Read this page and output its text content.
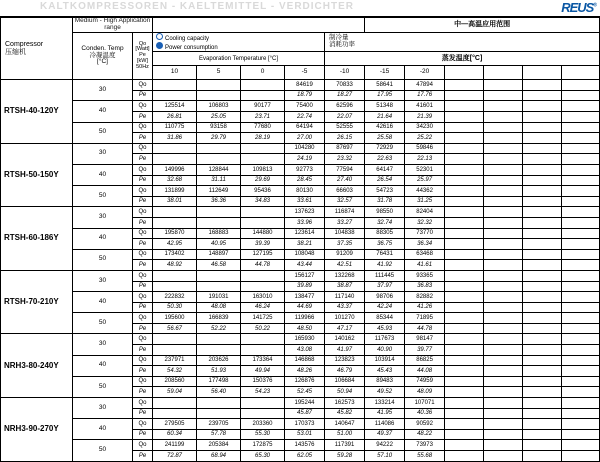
KALTKOMPRESSOREN - KAELTEMITTEL - VERDICHTER	REUS®
Compressor
压缩机	Medium - High Application range							中—高温应用范围					
Conden. Temp
冷凝温度
[°C]

Qo [Watt]
Pe [kW]
50Hz

Cooling capacity
Power consumption

制冷量
消耗功率

			Evaporation Temperature [°C]				蒸发温度[°C]						
			10	5	0	-5	-10	-15	-20				
RTSH-40-120Y	30	Qo				84619	70833	58641	47894				
		Pe				18.79	18.27	17.95	17.76				
	40	Qo	125514	106803	90177	75400	62596	51348	41601				
		Pe	26.81	25.05	23.71	22.74	22.07	21.64	21.39				
	50	Qo	110775	93158	77680	64194	52555	42616	34230				
		Pe	31.86	29.79	28.19	27.00	26.15	25.58	25.22				
RTSH-50-150Y	30	Qo				104280	87697	72929	59846				
		Pe				24.19	23.32	22.63	22.13				
	40	Qo	149996	128844	109813	92773	77594	64147	52301				
		Pe	32.68	31.11	29.69	28.45	27.40	26.54	25.97				
	50	Qo	131899	112649	95436	80130	66603	54723	44362				
		Pe	38.01	36.36	34.83	33.61	32.57	31.78	31.25				
RTSH-60-186Y	30	Qo				137623	116874	98550	82404				
		Pe				33.96	33.27	32.74	32.32				
	40	Qo	195870	168883	144880	123614	104838	88305	73770				
		Pe	42.95	40.95	39.39	38.21	37.35	36.75	36.34				
	50	Qo	173402	148897	127195	108048	91209	76431	63468				
		Pe	48.92	46.58	44.78	43.44	42.51	41.92	41.61				
RTSH-70-210Y	30	Qo				156127	132268	111445	93365				
		Pe				39.89	38.87	37.97	36.83				
	40	Qo	222832	191031	163010	138477	117140	98706	82882				
		Pe	50.30	48.08	46.24	44.69	43.37	42.24	41.26				
	50	Qo	195600	166839	141725	119966	101270	85344	71895				
		Pe	56.67	52.22	50.22	48.50	47.17	45.93	44.78				
NRH3-80-240Y	30	Qo				165930	140162	117673	98147				
		Pe				43.08	41.97	40.90	39.77				
	40	Qo	237971	203626	173364	146868	123823	103914	86825				
		Pe	54.32	51.93	49.94	48.26	46.79	45.43	44.08				
	50	Qo	208560	177498	150376	126876	106684	89483	74959				
		Pe	59.04	56.40	54.23	52.45	50.94	49.52	48.09				
NRH3-90-270Y	30	Qo				195244	162573	133214	107071				
		Pe				45.87	45.82	41.95	40.36				
	40	Qo	279505	239705	203360	170373	140647	114086	90592				
		Pe	60.34	57.78	55.30	53.01	51.00	49.37	48.22				
	50	Qo	241199	205384	172875	143576	117391	94222	73973				
		Pe	72.87	68.94	65.30	62.05	59.28	57.10	55.68				
